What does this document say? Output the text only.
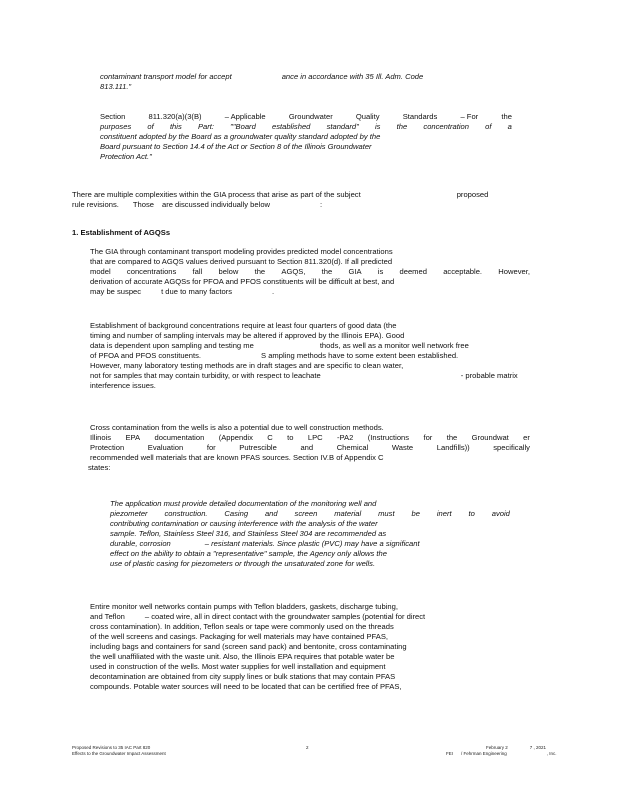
contaminant transport model for accept	ance in accordance with 35 Ill. Adm. Code
813.111."
Section	811.320(a)(3(B)	– Applicable	Groundwater	Quality	Standards	– For	the
purposes of this Part: ""Board established standard" is the concentration of a
constituent adopted by the Board as a groundwater quality standard adopted by the
Board pursuant to Section 14.4 of the Act or Section 8 of the Illinois Groundwater
Protection Act."
There are multiple complexities within the GIA process that arise as part of the subject	proposed
rule revisions. Those are discussed individually below	:
1. Establishment of AGQSs
The GIA through contaminant transport modeling provides predicted model concentrations
that are compared to AGQS values derived pursuant to Section 811.320(d). If all predicted
model concentrations fall below the AGQS, the GIA is deemed acceptable. However,
derivation of accurate AGQSs for PFOA and PFOS constituents will be difficult at best, and
may be suspec	t due to many factors	.
Establishment of background concentrations require at least four quarters of good data (the
timing and number of sampling intervals may be altered if approved by the Illinois EPA). Good
data is dependent upon sampling and testing me	thods, as well as a monitor well network free
of PFOA and PFOS constituents.	S ampling methods have to some extent been established.
However, many laboratory testing methods are in draft stages and are specific to clean water,
not for samples that may contain turbidity, or with respect to leachate	- probable matrix
interference issues.
Cross contamination from the wells is also a potential due to well construction methods.
Illinois EPA documentation (Appendix C to LPC -PA2 (Instructions for the Groundwat er
Protection	Evaluation	for	Putrescible	and	Chemical	Waste	Landfills))	specifically
recommended well materials that are known PFAS sources. Section IV.B of Appendix C
states:
The application must provide detailed documentation of the monitoring well and
piezometer construction. Casing and screen material must be inert to avoid
contributing contamination or causing interference with the analysis of the water
sample. Teflon, Stainless Steel 316, and Stainless Steel 304 are recommended as
durable, corrosion	– resistant materials. Since plastic (PVC) may have a significant
effect on the ability to obtain a "representative" sample, the Agency only allows the
use of plastic casing for piezometers or through the unsaturated zone for wells.
Entire monitor well networks contain pumps with Teflon bladders, gaskets, discharge tubing,
and Teflon	– coated wire, all in direct contact with the groundwater samples (potential for direct
cross contamination). In addition, Teflon seals or tape were commonly used on the threads
of the well screens and casings. Packaging for well materials may have contained PFAS,
including bags and containers for sand (screen sand pack) and bentonite, cross contaminating
the well unaffiliated with the waste unit. Also, the Illinois EPA requires that potable water be
used in construction of the wells. Most water supplies for well installation and equipment
decontamination are obtained from city supply lines or bulk stations that may contain PFAS
compounds. Potable water sources will need to be located that can be certified free of PFAS,
Proposed Revisions to 35 IAC Part 820
Effects to the Groundwater Impact Assessment
2	February 2	7 , 2021
FEI / Fehrman Engineering	, Inc.
